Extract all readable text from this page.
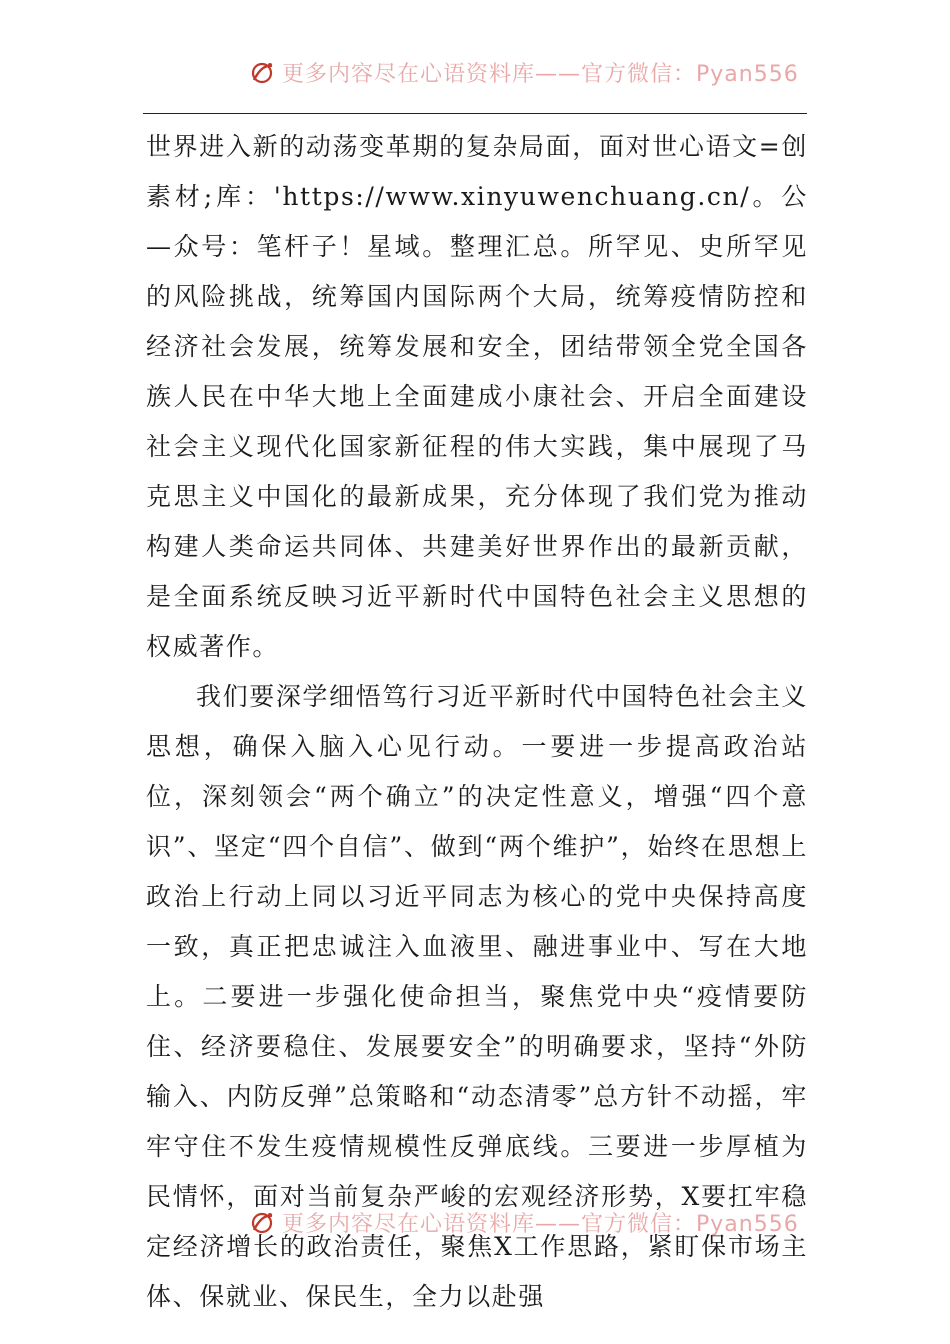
更多内容尽在心语资料库——官方微信：Pyan556

世界进入新的动荡变革期的复杂局面，面对世心语文=创素材;库：'https://www.xinyuwenchuang.cn/。公—众号：笔杆子！星域。整理汇总。所罕见、史所罕见的风险挑战，统筹国内国际两个大局，统筹疫情防控和经济社会发展，统筹发展和安全，团结带领全党全国各族人民在中华大地上全面建成小康社会、开启全面建设社会主义现代化国家新征程的伟大实践，集中展现了马克思主义中国化的最新成果，充分体现了我们党为推动构建人类命运共同体、共建美好世界作出的最新贡献，是全面系统反映习近平新时代中国特色社会主义思想的权威著作。

我们要深学细悟笃行习近平新时代中国特色社会主义思想，确保入脑入心见行动。一要进一步提高政治站位，深刻领会“两个确立”的决定性意义，增强“四个意识”、坚定“四个自信”、做到“两个维护”，始终在思想上政治上行动上同以习近平同志为核心的党中央保持高度一致，真正把忠诚注入血液里、融进事业中、写在大地上。二要进一步强化使命担当，聚焦党中央“疫情要防住、经济要稳住、发展要安全”的明确要求，坚持“外防输入、内防反弹”总策略和“动态清零”总方针不动摇，牢牢守住不发生疫情规模性反弹底线。三要进一步厚植为民情怀，面对当前复杂严峻的宏观经济形势，X要扛牢稳定经济增长的政治责任，聚焦X工作思路，紧盯保市场主体、保就业、保民生，全力以赴强

更多内容尽在心语资料库——官方微信：Pyan556
